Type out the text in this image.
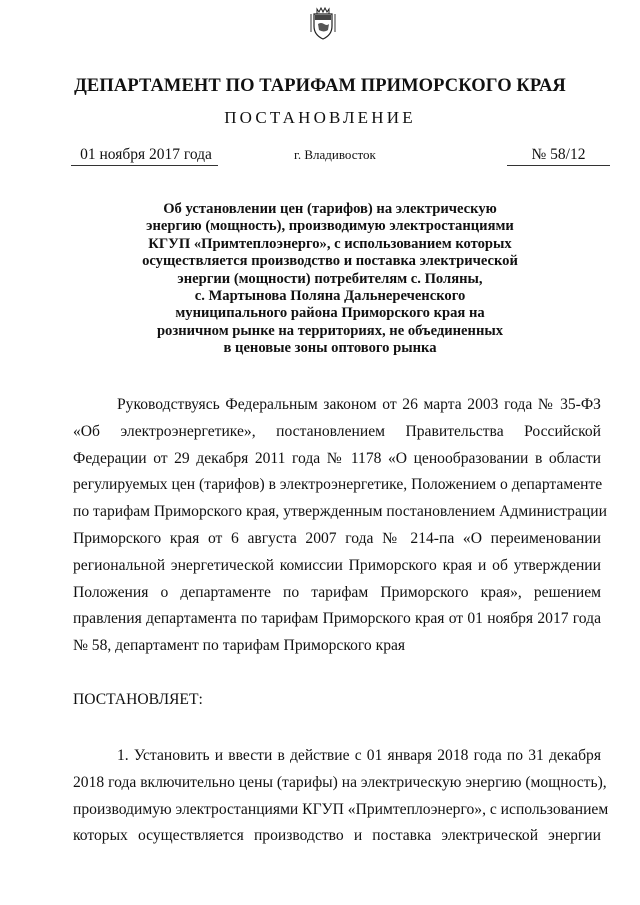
ДЕПАРТАМЕНТ ПО ТАРИФАМ ПРИМОРСКОГО КРАЯ
ПОСТАНОВЛЕНИЕ
01 ноября 2017 года	г. Владивосток	№ 58/12
Об установлении цен (тарифов) на электрическую
энергию (мощность), производимую электростанциями
КГУП «Примтеплоэнерго», с использованием которых
осуществляется производство и поставка электрической
энергии (мощности) потребителям с. Поляны,
с. Мартынова Поляна Дальнереченского
муниципального района Приморского края на
розничном рынке на территориях, не объединенных
в ценовые зоны оптового рынка
Руководствуясь Федеральным законом от 26 марта 2003 года № 35-ФЗ
«Об электроэнергетике», постановлением Правительства Российской
Федерации от 29 декабря 2011 года № 1178 «О ценообразовании в области
регулируемых цен (тарифов) в электроэнергетике, Положением о департаменте
по тарифам Приморского края, утвержденным постановлением Администрации
Приморского края от 6 августа 2007 года № 214-па «О переименовании
региональной энергетической комиссии Приморского края и об утверждении
Положения о департаменте по тарифам Приморского края», решением
правления департамента по тарифам Приморского края от 01 ноября 2017 года
№ 58, департамент по тарифам Приморского края
ПОСТАНОВЛЯЕТ:
1. Установить и ввести в действие с 01 января 2018 года по 31 декабря
2018 года включительно цены (тарифы) на электрическую энергию (мощность),
производимую электростанциями КГУП «Примтеплоэнерго», с использованием
которых осуществляется производство и поставка электрической энергии
